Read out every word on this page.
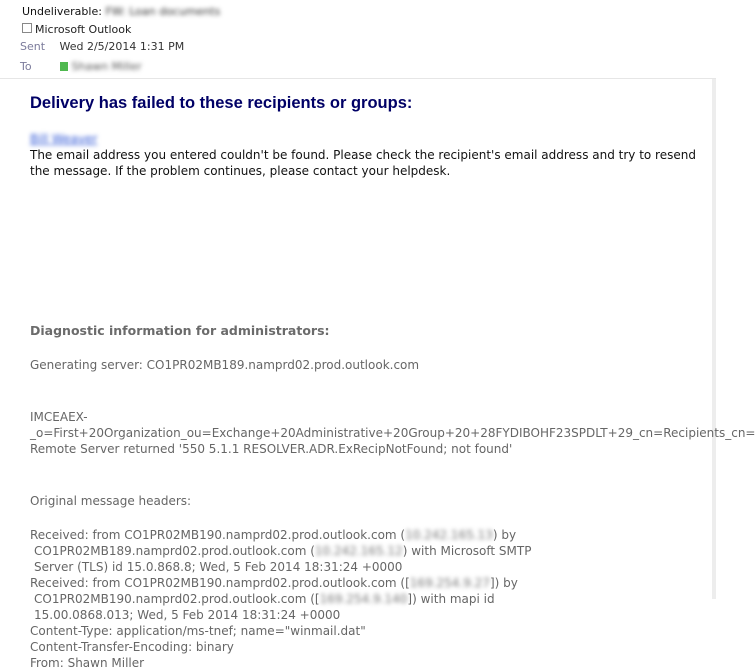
Undeliverable: FW: Loan documents
Microsoft Outlook
Sent Wed 2/5/2014 1:31 PM
To	Shawn Miller
Delivery has failed to these recipients or groups:
Bill Weaver
The email address you entered couldn't be found. Please check the recipient's email address and try to resend the message. If the problem continues, please contact your helpdesk.
Diagnostic information for administrators:
Generating server: CO1PR02MB189.namprd02.prod.outlook.com
IMCEAEX-
_o=First+20Organization_ou=Exchange+20Administrative+20Group+20+28FYDIBOHF23SPDLT+29_cn=Recipients_cn=
Remote Server returned '550 5.1.1 RESOLVER.ADR.ExRecipNotFound; not found'
Original message headers:
Received: from CO1PR02MB190.namprd02.prod.outlook.com (10.242.165.13) by
CO1PR02MB189.namprd02.prod.outlook.com (10.242.165.12) with Microsoft SMTP
Server (TLS) id 15.0.868.8; Wed, 5 Feb 2014 18:31:24 +0000
Received: from CO1PR02MB190.namprd02.prod.outlook.com ([169.254.9.27]) by
CO1PR02MB190.namprd02.prod.outlook.com ([169.254.9.140]) with mapi id
15.00.0868.013; Wed, 5 Feb 2014 18:31:24 +0000
Content-Type: application/ms-tnef; name="winmail.dat"
Content-Transfer-Encoding: binary
From: Shawn Miller
